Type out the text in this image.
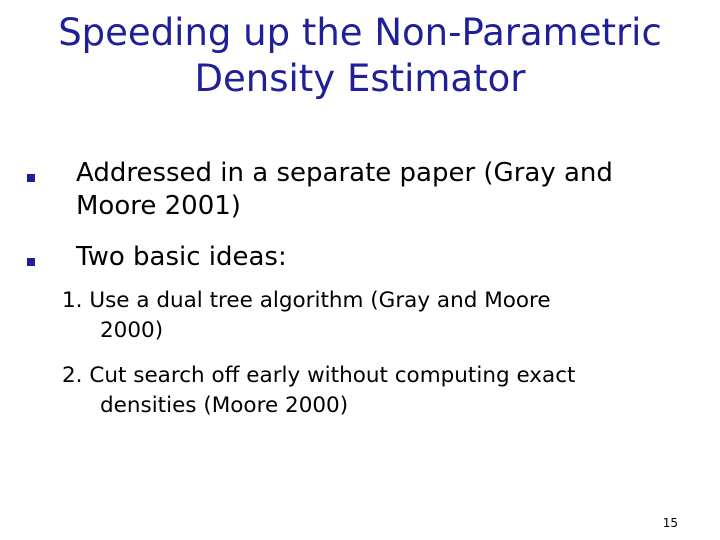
Speeding up the Non-Parametric
Density Estimator

Addressed in a separate paper (Gray and
Moore 2001)

Two basic ideas:

1. Use a dual tree algorithm (Gray and Moore
2000)
2. Cut search off early without computing exact
densities (Moore 2000)
15
